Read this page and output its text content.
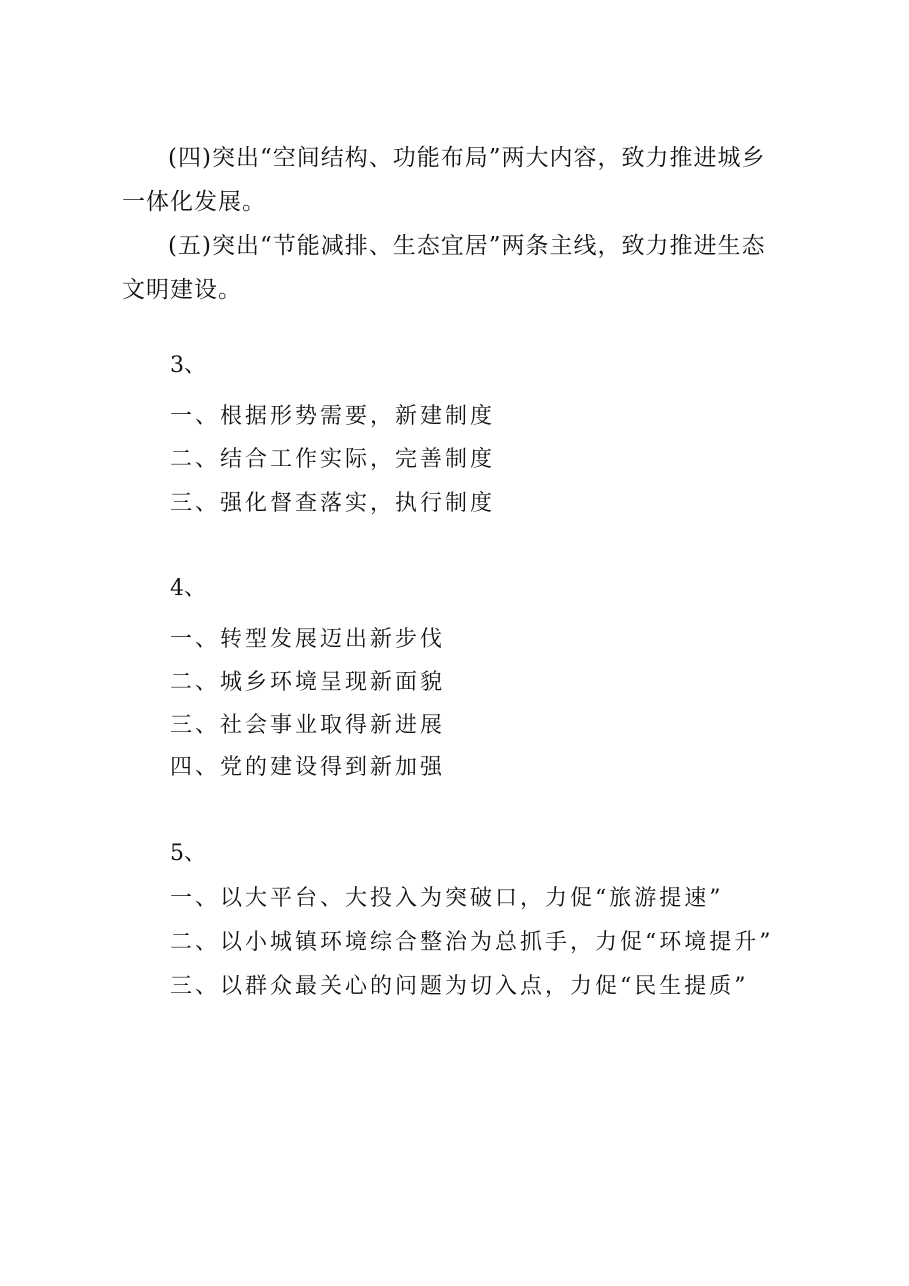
(四)突出“空间结构、功能布局”两大内容，致力推进城乡一体化发展。
(五)突出“节能减排、生态宜居”两条主线，致力推进生态文明建设。
3、
一、根据形势需要，新建制度
二、结合工作实际，完善制度
三、强化督查落实，执行制度
4、
一、转型发展迈出新步伐
二、城乡环境呈现新面貌
三、社会事业取得新进展
四、党的建设得到新加强
5、
一、以大平台、大投入为突破口，力促“旅游提速”
二、以小城镇环境综合整治为总抓手，力促“环境提升”
三、以群众最关心的问题为切入点，力促“民生提质”
